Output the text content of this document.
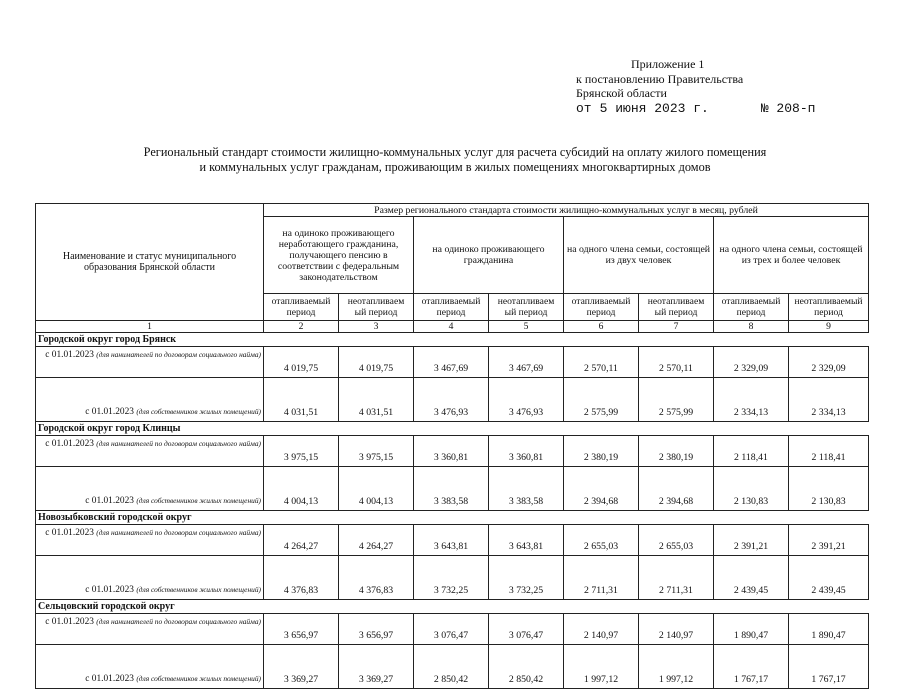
Приложение 1
к постановлению Правительства
Брянской области
от 5 июня 2023 г.	№ 208-п
Региональный стандарт стоимости жилищно-коммунальных услуг для расчета субсидий на оплату жилого помещения
и коммунальных услуг гражданам, проживающим в жилых помещениях многоквартирных домов
Наименование и статус муниципального образования Брянской области	Размер регионального стандарта стоимости жилищно-коммунальных услуг в месяц, рублей							
	на одиноко проживающего неработающего гражданина, получающего пенсию в соответствии с федеральным законодательством		на одиноко проживающего гражданина		на одного члена семьи, состоящей из двух человек		на одного члена семьи, состоящей из трех и более человек	
	отапливаемый период	неотапливаем ый период	отапливаемый период	неотапливаем ый период	отапливаемый период	неотапливаем ый период	отапливаемый период	неотапливаемый период
1	2	3	4	5	6	7	8	9
Городской округ город Брянск								
с 01.01.2023 (для нанимателей по договорам социального найма)	4 019,75	4 019,75	3 467,69	3 467,69	2 570,11	2 570,11	2 329,09	2 329,09
с 01.01.2023 (для собственников жилых помещений)	4 031,51	4 031,51	3 476,93	3 476,93	2 575,99	2 575,99	2 334,13	2 334,13
Городской округ город Клинцы								
с 01.01.2023 (для нанимателей по договорам социального найма)	3 975,15	3 975,15	3 360,81	3 360,81	2 380,19	2 380,19	2 118,41	2 118,41
с 01.01.2023 (для собственников жилых помещений)	4 004,13	4 004,13	3 383,58	3 383,58	2 394,68	2 394,68	2 130,83	2 130,83
Новозыбковский городской округ								
с 01.01.2023 (для нанимателей по договорам социального найма)	4 264,27	4 264,27	3 643,81	3 643,81	2 655,03	2 655,03	2 391,21	2 391,21
с 01.01.2023 (для собственников жилых помещений)	4 376,83	4 376,83	3 732,25	3 732,25	2 711,31	2 711,31	2 439,45	2 439,45
Сельцовский городской округ								
с 01.01.2023 (для нанимателей по договорам социального найма)	3 656,97	3 656,97	3 076,47	3 076,47	2 140,97	2 140,97	1 890,47	1 890,47
с 01.01.2023 (для собственников жилых помещений)	3 369,27	3 369,27	2 850,42	2 850,42	1 997,12	1 997,12	1 767,17	1 767,17
